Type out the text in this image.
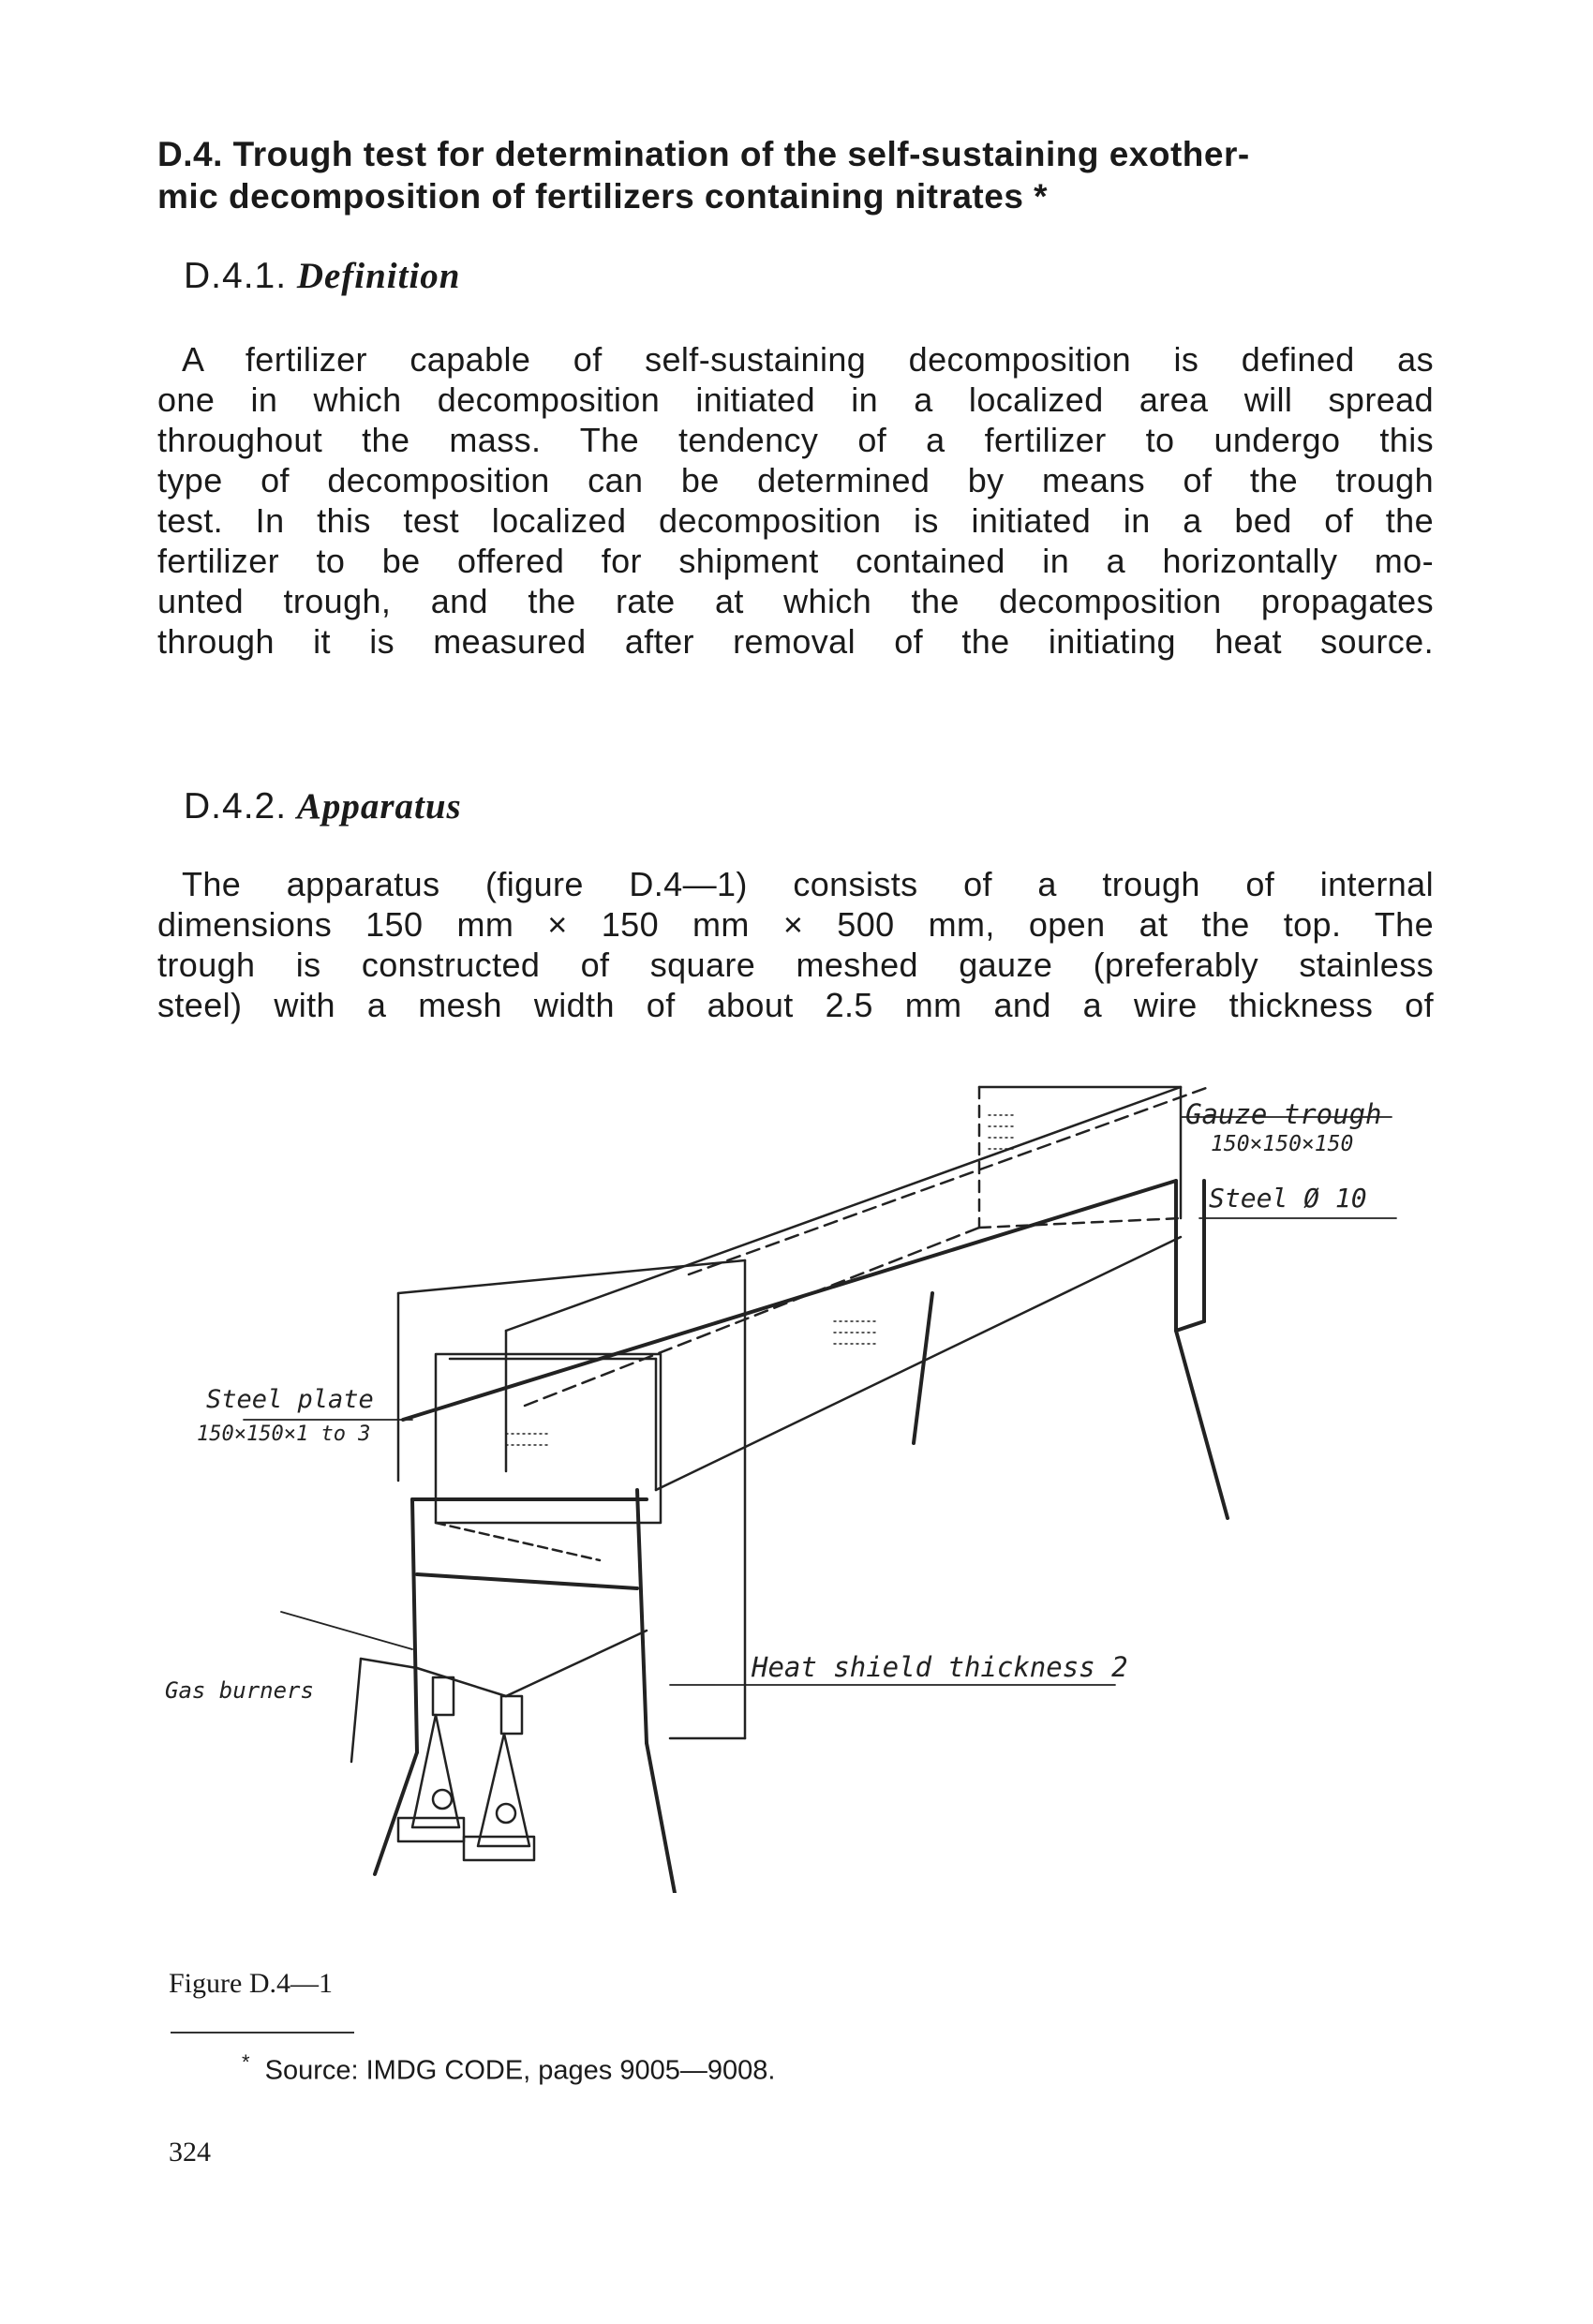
D.4. Trough test for determination of the self-sustaining exother-
mic decomposition of fertilizers containing nitrates *
D.4.1. Definition
A fertilizer capable of self-sustaining decomposition is defined as
one in which decomposition initiated in a localized area will spread
throughout the mass. The tendency of a fertilizer to undergo this
type of decomposition can be determined by means of the trough
test. In this test localized decomposition is initiated in a bed of the
fertilizer to be offered for shipment contained in a horizontally mo-
unted trough, and the rate at which the decomposition propagates
through it is measured after removal of the initiating heat source.
D.4.2. Apparatus
The apparatus (figure D.4—1) consists of a trough of internal
dimensions 150 mm × 150 mm × 500 mm, open at the top. The
trough is constructed of square meshed gauze (preferably stainless
steel) with a mesh width of about 2.5 mm and a wire thickness of
Gauze trough
150×150×150
Steel Ø 10
Steel plate
150×150×1 to 3
Heat shield thickness 2
Gas burners
Figure D.4—1
* Source: IMDG CODE, pages 9005—9008.
324
